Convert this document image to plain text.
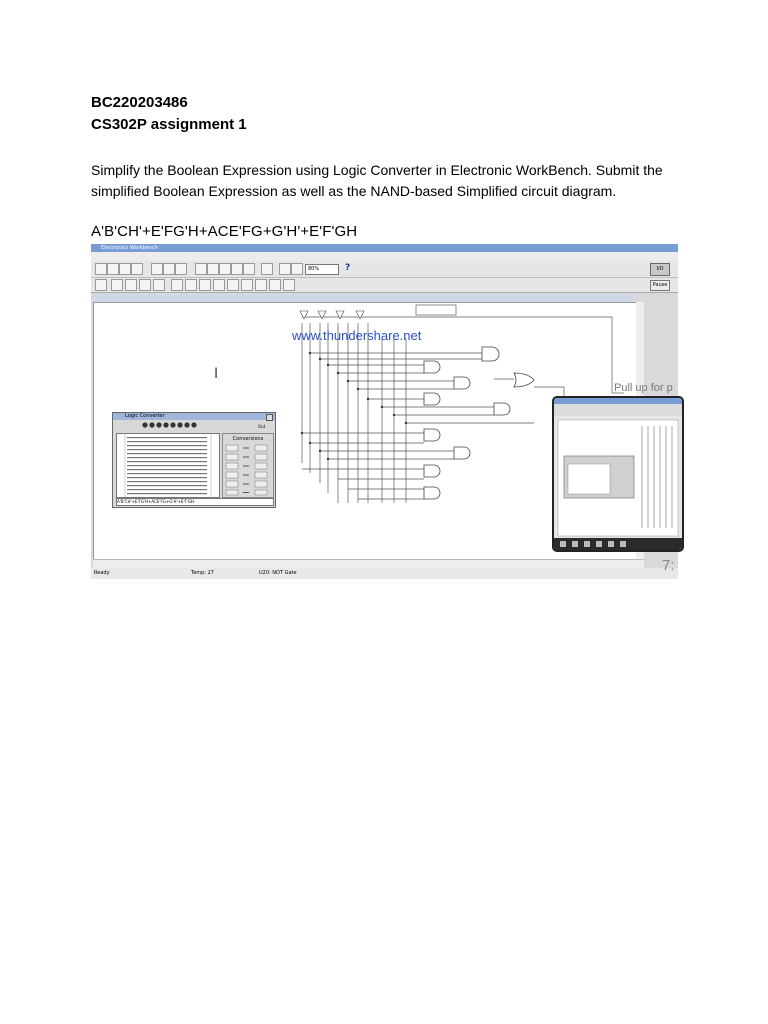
BC220203486
CS302P assignment 1
Simplify the Boolean Expression using Logic Converter in Electronic WorkBench. Submit the simplified Boolean Expression as well as the NAND-based Simplified circuit diagram.
A'B'CH'+E'FG'H+ACE'FG+G'H'+E'F'GH
Electronics Workbench
80%	?	I/O
Pause
I
Ready	Temp: 27	U20: NOT Gate
www.thundershare.net
Logic Converter
Out
Conversions
A'B'CH'+E'FG'H+ACE'FG+G'H'+E'F'GH
Pull up for p
7:
